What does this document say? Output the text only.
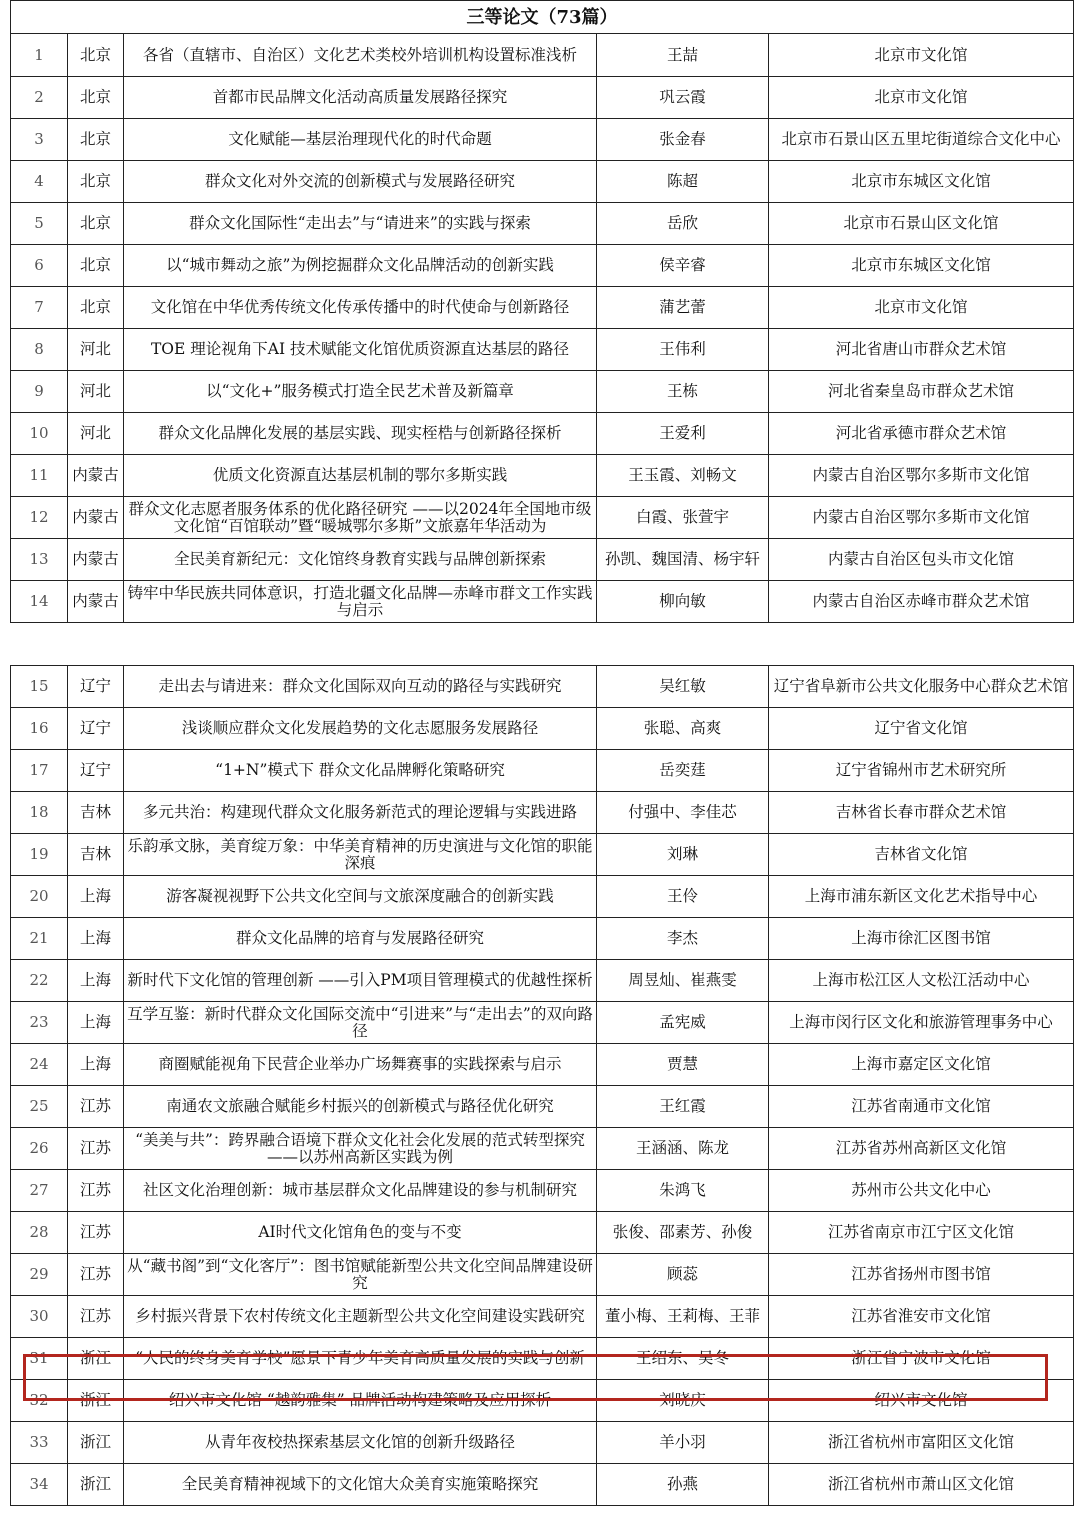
三等论文（73篇）				
1	北京	各省（直辖市、自治区）文化艺术类校外培训机构设置标准浅析	王喆	北京市文化馆
2	北京	首都市民品牌文化活动高质量发展路径探究	巩云霞	北京市文化馆
3	北京	文化赋能—基层治理现代化的时代命题	张金春	北京市石景山区五里坨街道综合文化中心
4	北京	群众文化对外交流的创新模式与发展路径研究	陈超	北京市东城区文化馆
5	北京	群众文化国际性“走出去”与“请进来”的实践与探索	岳欣	北京市石景山区文化馆
6	北京	以“城市舞动之旅”为例挖掘群众文化品牌活动的创新实践	侯辛睿	北京市东城区文化馆
7	北京	文化馆在中华优秀传统文化传承传播中的时代使命与创新路径	蒲艺蕾	北京市文化馆
8	河北	TOE 理论视角下AI 技术赋能文化馆优质资源直达基层的路径	王伟利	河北省唐山市群众艺术馆
9	河北	以“文化+”服务模式打造全民艺术普及新篇章	王栋	河北省秦皇岛市群众艺术馆
10	河北	群众文化品牌化发展的基层实践、现实桎梏与创新路径探析	王爱利	河北省承德市群众艺术馆
11	内蒙古	优质文化资源直达基层机制的鄂尔多斯实践	王玉霞、刘畅文	内蒙古自治区鄂尔多斯市文化馆
12	内蒙古	群众文化志愿者服务体系的优化路径研究 ——以2024年全国地市级文化馆“百馆联动”暨“暖城鄂尔多斯”文旅嘉年华活动为	白霞、张萱宇	内蒙古自治区鄂尔多斯市文化馆
13	内蒙古	全民美育新纪元：文化馆终身教育实践与品牌创新探索	孙凯、魏国清、杨宇轩	内蒙古自治区包头市文化馆
14	内蒙古	铸牢中华民族共同体意识，打造北疆文化品牌—赤峰市群文工作实践与启示	柳向敏	内蒙古自治区赤峰市群众艺术馆
15	辽宁	走出去与请进来：群众文化国际双向互动的路径与实践研究	吴红敏	辽宁省阜新市公共文化服务中心群众艺术馆
16	辽宁	浅谈顺应群众文化发展趋势的文化志愿服务发展路径	张聪、高爽	辽宁省文化馆
17	辽宁	“1+N”模式下 群众文化品牌孵化策略研究	岳奕莛	辽宁省锦州市艺术研究所
18	吉林	多元共治：构建现代群众文化服务新范式的理论逻辑与实践进路	付强中、李佳芯	吉林省长春市群众艺术馆
19	吉林	乐韵承文脉，美育绽万象：中华美育精神的历史演进与文化馆的职能深痕	刘琳	吉林省文化馆
20	上海	游客凝视视野下公共文化空间与文旅深度融合的创新实践	王伶	上海市浦东新区文化艺术指导中心
21	上海	群众文化品牌的培育与发展路径研究	李杰	上海市徐汇区图书馆
22	上海	新时代下文化馆的管理创新 ——引入PM项目管理模式的优越性探析	周昱灿、崔燕雯	上海市松江区人文松江活动中心
23	上海	互学互鉴：新时代群众文化国际交流中“引进来”与“走出去”的双向路径	孟宪威	上海市闵行区文化和旅游管理事务中心
24	上海	商圈赋能视角下民营企业举办广场舞赛事的实践探索与启示	贾慧	上海市嘉定区文化馆
25	江苏	南通农文旅融合赋能乡村振兴的创新模式与路径优化研究	王红霞	江苏省南通市文化馆
26	江苏	“美美与共”：跨界融合语境下群众文化社会化发展的范式转型探究——以苏州高新区实践为例	王涵涵、陈龙	江苏省苏州高新区文化馆
27	江苏	社区文化治理创新：城市基层群众文化品牌建设的参与机制研究	朱鸿飞	苏州市公共文化中心
28	江苏	AI时代文化馆角色的变与不变	张俊、邵素芳、孙俊	江苏省南京市江宁区文化馆
29	江苏	从“藏书阁”到“文化客厅”：图书馆赋能新型公共文化空间品牌建设研究	顾蕊	江苏省扬州市图书馆
30	江苏	乡村振兴背景下农村传统文化主题新型公共文化空间建设实践研究	董小梅、王莉梅、王菲	江苏省淮安市文化馆
31	浙江	“人民的终身美育学校”愿景下青少年美育高质量发展的实践与创新	王绍东、吴冬	浙江省宁波市文化馆
32	浙江	绍兴市文化馆 “越韵雅集” 品牌活动构建策略及应用探析	刘晓庆	绍兴市文化馆
33	浙江	从青年夜校热探索基层文化馆的创新升级路径	羊小羽	浙江省杭州市富阳区文化馆
34	浙江	全民美育精神视域下的文化馆大众美育实施策略探究	孙燕	浙江省杭州市萧山区文化馆
